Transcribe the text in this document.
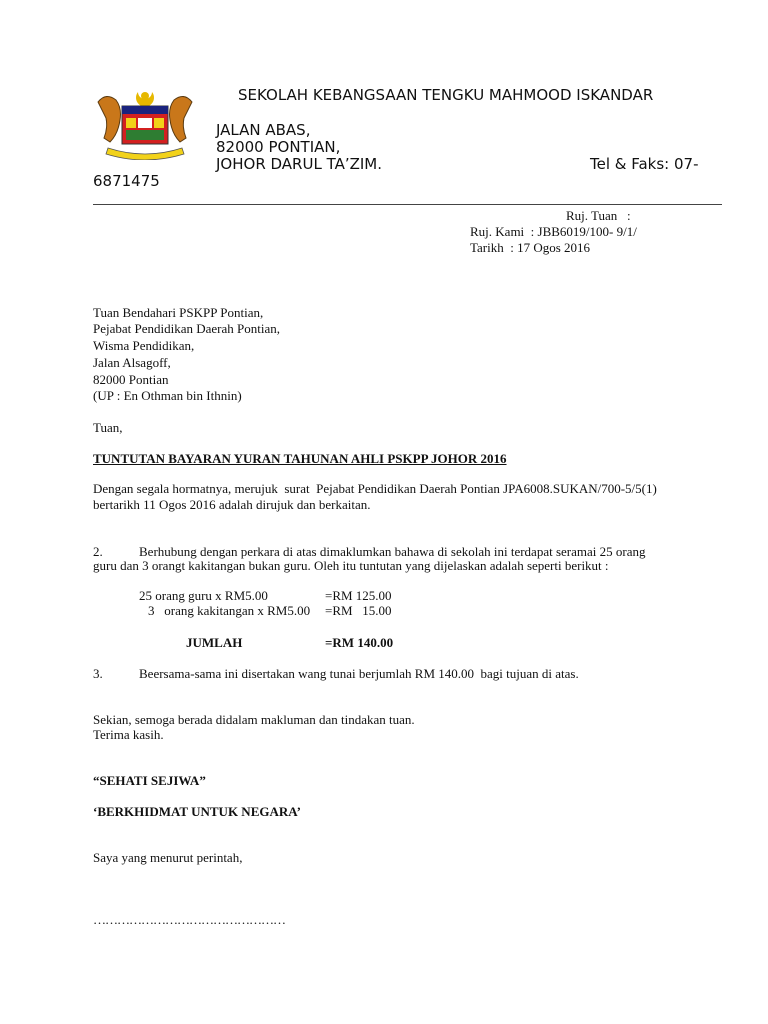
SEKOLAH KEBANGSAAN TENGKU MAHMOOD ISKANDAR
JALAN ABAS,
82000 PONTIAN,
JOHOR DARUL TA’ZIM.	Tel & Faks: 07-
6871475
Ruj. Tuan   :
Ruj. Kami  : JBB6019/100- 9/1/
Tarikh  : 17 Ogos 2016
Tuan Bendahari PSKPP Pontian,
Pejabat Pendidikan Daerah Pontian,
Wisma Pendidikan,
Jalan Alsagoff,
82000 Pontian
(UP : En Othman bin Ithnin)
Tuan,
TUNTUTAN BAYARAN YURAN TAHUNAN AHLI PSKPP JOHOR 2016
Dengan segala hormatnya, merujuk  surat  Pejabat Pendidikan Daerah Pontian JPA6008.SUKAN/700-5/5(1)
bertarikh 11 Ogos 2016 adalah dirujuk dan berkaitan.
2.	Berhubung dengan perkara di atas dimaklumkan bahawa di sekolah ini terdapat seramai 25 orang
guru dan 3 orangt kakitangan bukan guru. Oleh itu tuntutan yang dijelaskan adalah seperti berikut :
25 orang guru x RM5.00	=RM 125.00
3   orang kakitangan x RM5.00 =RM   15.00
JUMLAH	=RM 140.00
3.	Beersama-sama ini disertakan wang tunai berjumlah RM 140.00  bagi tujuan di atas.
Sekian, semoga berada didalam makluman dan tindakan tuan.
Terima kasih.
“SEHATI SEJIWA”
‘BERKHIDMAT UNTUK NEGARA’
Saya yang menurut perintah,
…………………………………………
